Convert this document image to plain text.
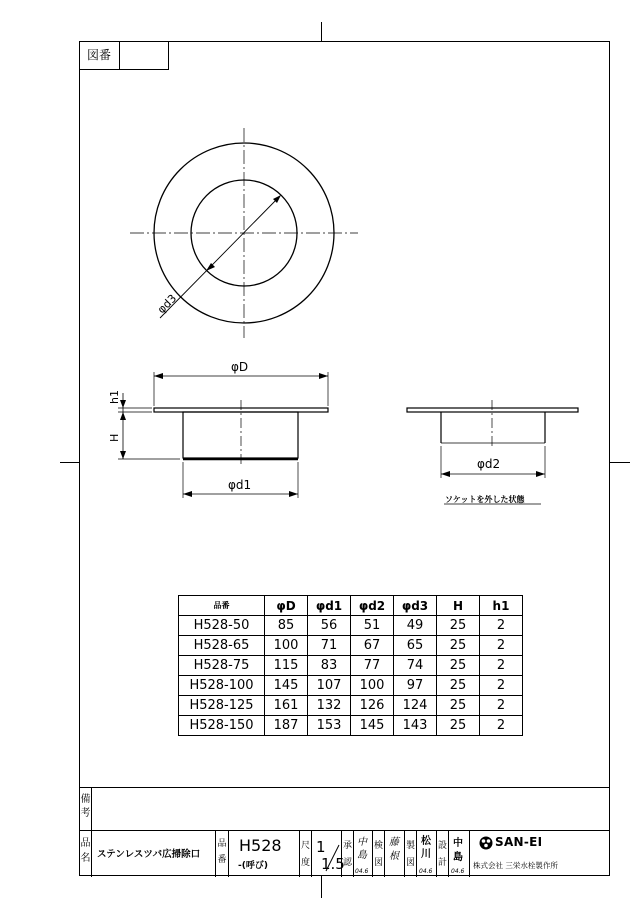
図番
φd3
φD
φd1
h1
H
φd2
ソケットを外した状態
品番	φD	φd1	φd2	φd3	H	h1
H528-50	85	56	51	49	25	2
H528-65	100	71	67	65	25	2
H528-75	115	83	77	74	25	2
H528-100	145	107	100	97	25	2
H528-125	161	132	126	124	25	2
H528-150	187	153	145	143	25	2
備考
品名 ステンレスツバ広掃除口
品番
H528
-(呼び)
尺度
1
1.5
承認
中島
04.6
検図
藤根
製図
松川
04.6
設計
中島
04.6
SAN-EI
株式会社 三栄水栓製作所
